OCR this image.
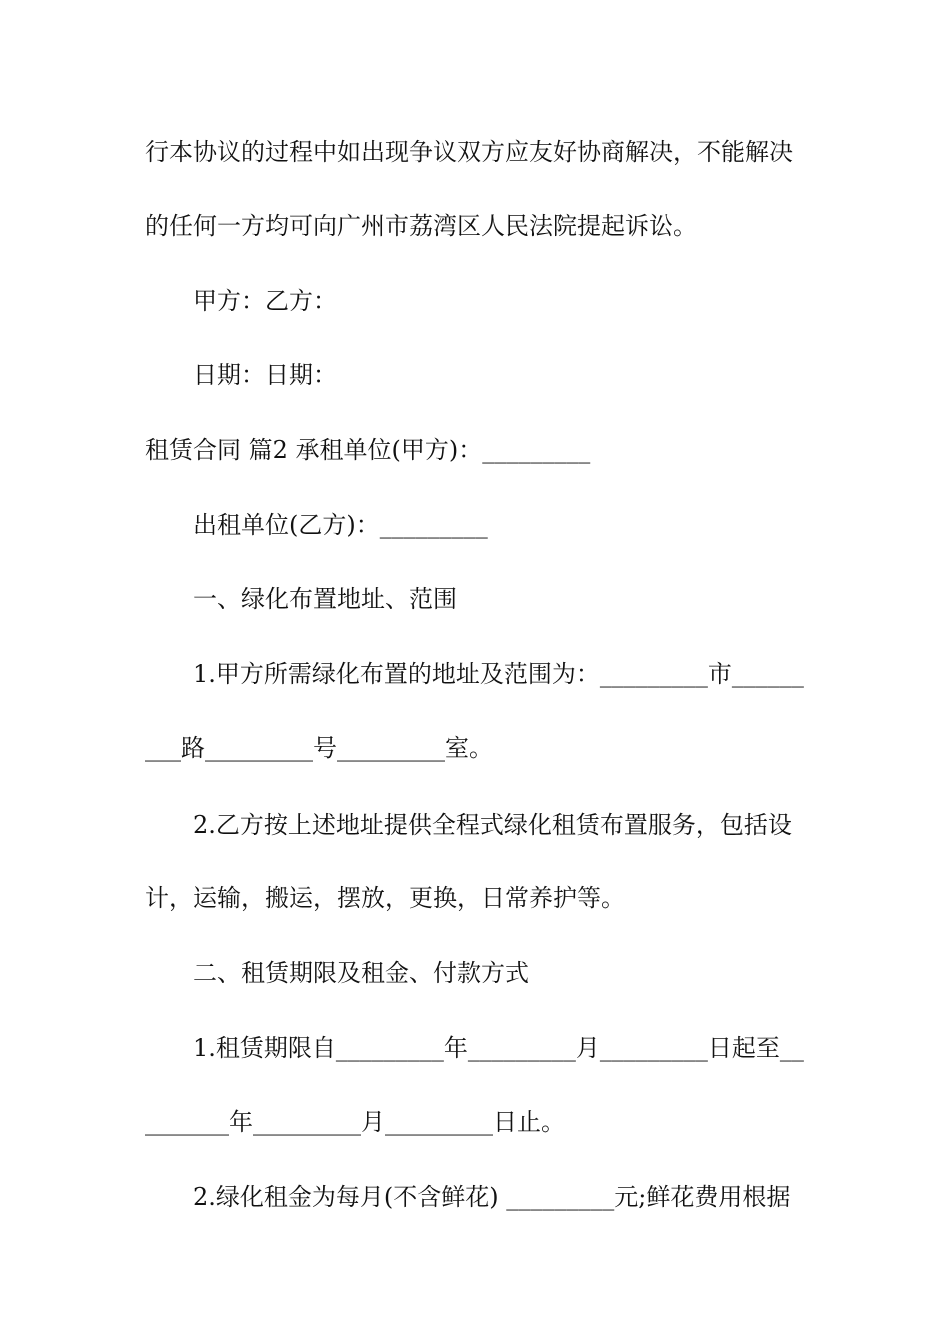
行本协议的过程中如出现争议双方应友好协商解决，不能解决
的任何一方均可向广州市荔湾区人民法院提起诉讼。
甲方：乙方：
日期：日期：
租赁合同 篇2 承租单位(甲方)：_________
出租单位(乙方)：_________
一、绿化布置地址、范围
1.甲方所需绿化布置的地址及范围为：_________市______
___路_________号_________室。
2.乙方按上述地址提供全程式绿化租赁布置服务，包括设
计，运输，搬运，摆放，更换，日常养护等。
二、租赁期限及租金、付款方式
1.租赁期限自_________年_________月_________日起至__
_______年_________月_________日止。
2.绿化租金为每月(不含鲜花) _________元;鲜花费用根据
